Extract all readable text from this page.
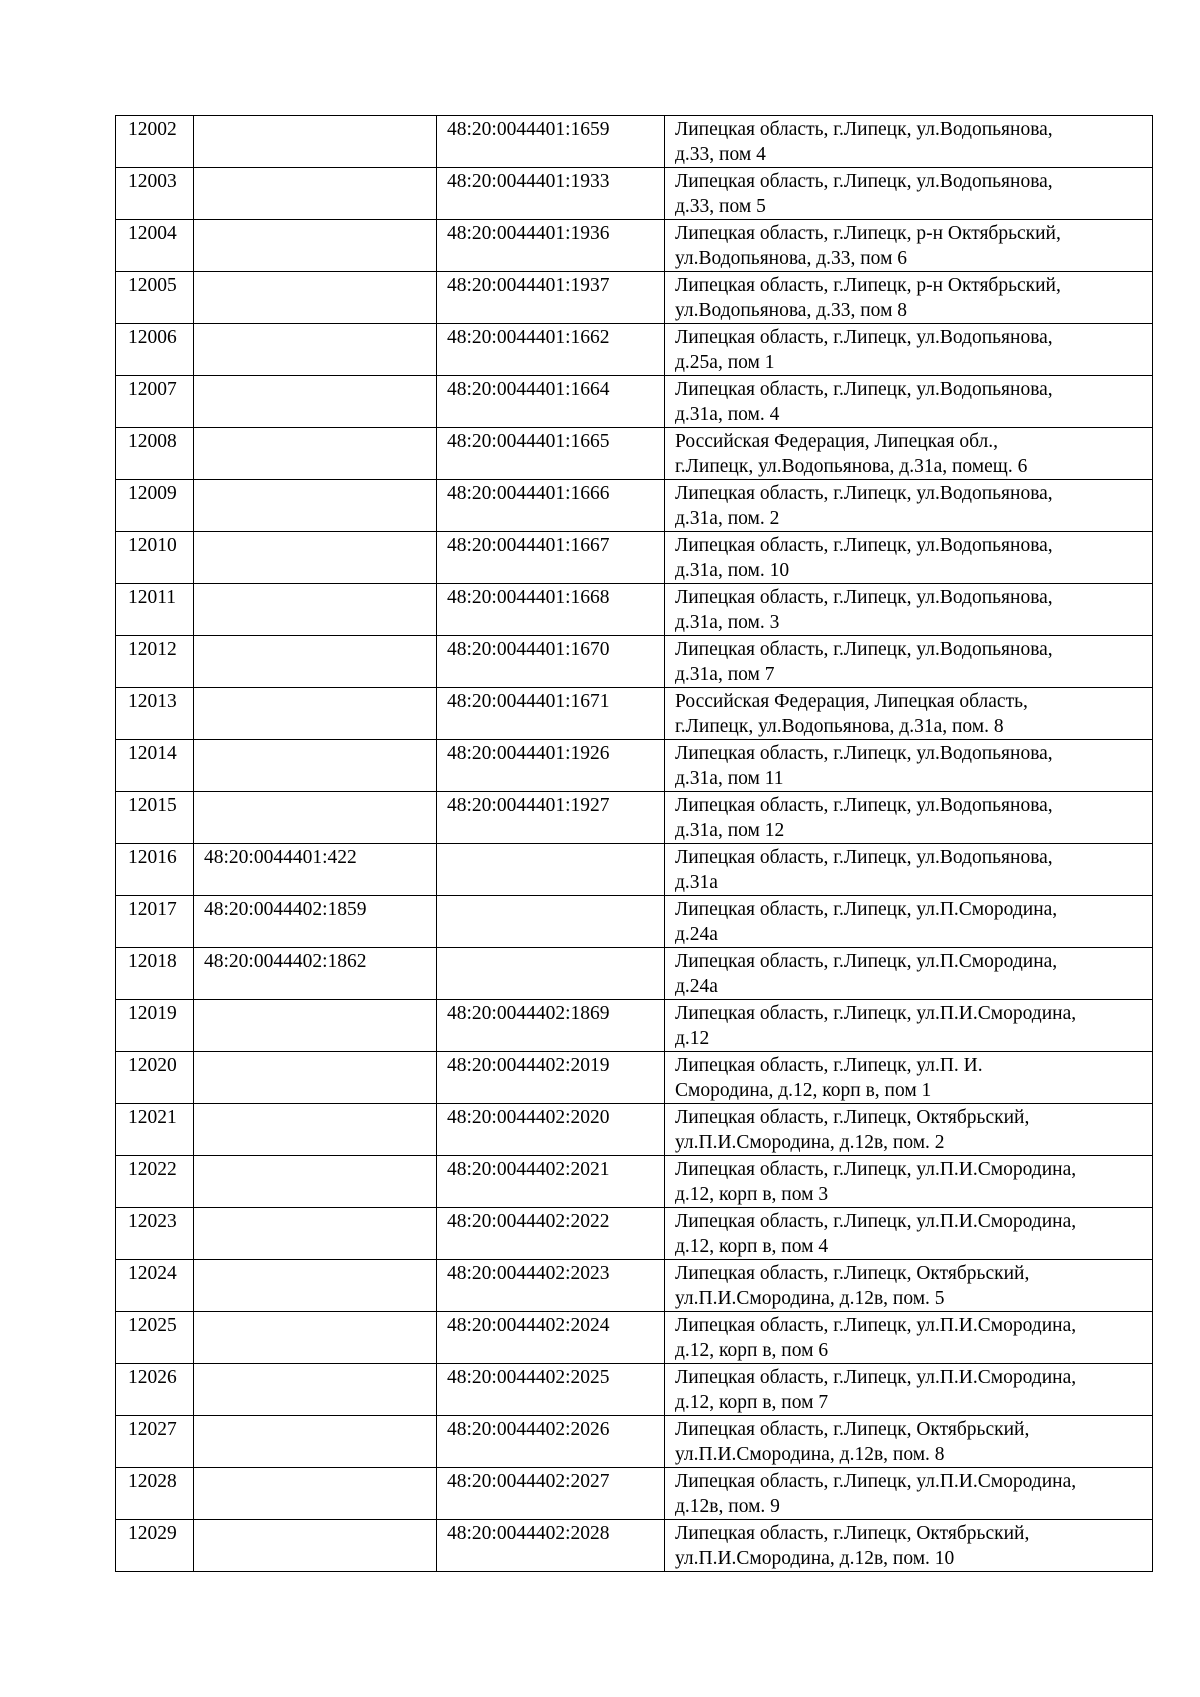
12002		48:20:0044401:1659	Липецкая область, г.Липецк, ул.Водопьянова,
д.33, пом 4
12003		48:20:0044401:1933	Липецкая область, г.Липецк, ул.Водопьянова,
д.33, пом 5
12004		48:20:0044401:1936	Липецкая область, г.Липецк, р-н Октябрьский,
ул.Водопьянова, д.33, пом 6
12005		48:20:0044401:1937	Липецкая область, г.Липецк, р-н Октябрьский,
ул.Водопьянова, д.33, пом 8
12006		48:20:0044401:1662	Липецкая область, г.Липецк, ул.Водопьянова,
д.25а, пом 1
12007		48:20:0044401:1664	Липецкая область, г.Липецк, ул.Водопьянова,
д.31а, пом. 4
12008		48:20:0044401:1665	Российская Федерация, Липецкая обл.,
г.Липецк, ул.Водопьянова, д.31а, помещ. 6
12009		48:20:0044401:1666	Липецкая область, г.Липецк, ул.Водопьянова,
д.31а, пом. 2
12010		48:20:0044401:1667	Липецкая область, г.Липецк, ул.Водопьянова,
д.31а, пом. 10
12011		48:20:0044401:1668	Липецкая область, г.Липецк, ул.Водопьянова,
д.31а, пом. 3
12012		48:20:0044401:1670	Липецкая область, г.Липецк, ул.Водопьянова,
д.31а, пом 7
12013		48:20:0044401:1671	Российская Федерация, Липецкая область,
г.Липецк, ул.Водопьянова, д.31а, пом. 8
12014		48:20:0044401:1926	Липецкая область, г.Липецк, ул.Водопьянова,
д.31а, пом 11
12015		48:20:0044401:1927	Липецкая область, г.Липецк, ул.Водопьянова,
д.31а, пом 12
12016	48:20:0044401:422		Липецкая область, г.Липецк, ул.Водопьянова,
д.31а
12017	48:20:0044402:1859		Липецкая область, г.Липецк, ул.П.Смородина,
д.24а
12018	48:20:0044402:1862		Липецкая область, г.Липецк, ул.П.Смородина,
д.24а
12019		48:20:0044402:1869	Липецкая область, г.Липецк, ул.П.И.Смородина,
д.12
12020		48:20:0044402:2019	Липецкая область, г.Липецк, ул.П. И.
Смородина, д.12, корп в, пом 1
12021		48:20:0044402:2020	Липецкая область, г.Липецк, Октябрьский,
ул.П.И.Смородина, д.12в, пом. 2
12022		48:20:0044402:2021	Липецкая область, г.Липецк, ул.П.И.Смородина,
д.12, корп в, пом 3
12023		48:20:0044402:2022	Липецкая область, г.Липецк, ул.П.И.Смородина,
д.12, корп в, пом 4
12024		48:20:0044402:2023	Липецкая область, г.Липецк, Октябрьский,
ул.П.И.Смородина, д.12в, пом. 5
12025		48:20:0044402:2024	Липецкая область, г.Липецк, ул.П.И.Смородина,
д.12, корп в, пом 6
12026		48:20:0044402:2025	Липецкая область, г.Липецк, ул.П.И.Смородина,
д.12, корп в, пом 7
12027		48:20:0044402:2026	Липецкая область, г.Липецк, Октябрьский,
ул.П.И.Смородина, д.12в, пом. 8
12028		48:20:0044402:2027	Липецкая область, г.Липецк, ул.П.И.Смородина,
д.12в, пом. 9
12029		48:20:0044402:2028	Липецкая область, г.Липецк, Октябрьский,
ул.П.И.Смородина, д.12в, пом. 10
